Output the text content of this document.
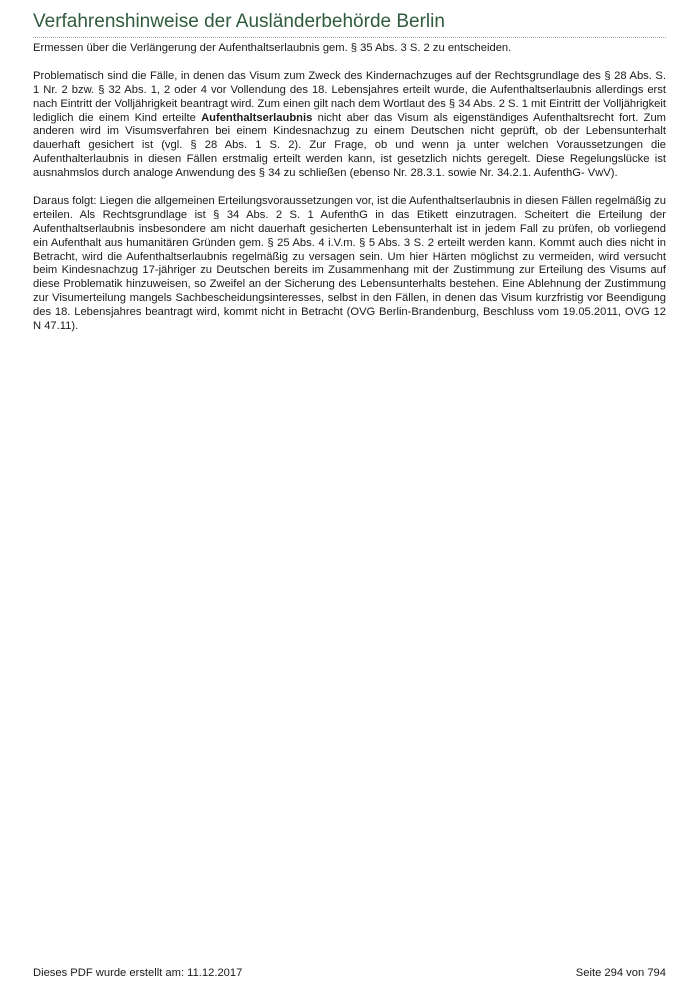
Verfahrenshinweise der Ausländerbehörde Berlin

Ermessen über die Verlängerung der Aufenthaltserlaubnis gem. § 35 Abs. 3 S. 2 zu entscheiden.

Problematisch sind die Fälle, in denen das Visum zum Zweck des Kindernachzuges auf der Rechtsgrundlage des § 28 Abs. S. 1 Nr. 2 bzw. § 32 Abs. 1, 2 oder 4 vor Vollendung des 18. Lebensjahres erteilt wurde, die Aufenthaltserlaubnis allerdings erst nach Eintritt der Volljährigkeit beantragt wird. Zum einen gilt nach dem Wortlaut des § 34 Abs. 2 S. 1 mit Eintritt der Volljährigkeit lediglich die einem Kind erteilte Aufenthaltserlaubnis nicht aber das Visum als eigenständiges Aufenthaltsrecht fort. Zum anderen wird im Visumsverfahren bei einem Kindesnachzug zu einem Deutschen nicht geprüft, ob der Lebensunterhalt dauerhaft gesichert ist (vgl. § 28 Abs. 1 S. 2). Zur Frage, ob und wenn ja unter welchen Voraussetzungen die Aufenthalterlaubnis in diesen Fällen erstmalig erteilt werden kann, ist gesetzlich nichts geregelt. Diese Regelungslücke ist ausnahmslos durch analoge Anwendung des § 34 zu schließen (ebenso Nr. 28.3.1. sowie Nr. 34.2.1. AufenthG- VwV).

Daraus folgt: Liegen die allgemeinen Erteilungsvoraussetzungen vor, ist die Aufenthaltserlaubnis in diesen Fällen regelmäßig zu erteilen. Als Rechtsgrundlage ist § 34 Abs. 2 S. 1 AufenthG in das Etikett einzutragen. Scheitert die Erteilung der Aufenthaltserlaubnis insbesondere am nicht dauerhaft gesicherten Lebensunterhalt ist in jedem Fall zu prüfen, ob vorliegend ein Aufenthalt aus humanitären Gründen gem. § 25 Abs. 4 i.V.m. § 5 Abs. 3 S. 2 erteilt werden kann. Kommt auch dies nicht in Betracht, wird die Aufenthaltserlaubnis regelmäßig zu versagen sein. Um hier Härten möglichst zu vermeiden, wird versucht beim Kindesnachzug 17-jähriger zu Deutschen bereits im Zusammenhang mit der Zustimmung zur Erteilung des Visums auf diese Problematik hinzuweisen, so Zweifel an der Sicherung des Lebensunterhalts bestehen. Eine Ablehnung der Zustimmung zur Visumerteilung mangels Sachbescheidungsinteresses, selbst in den Fällen, in denen das Visum kurzfristig vor Beendigung des 18. Lebensjahres beantragt wird, kommt nicht in Betracht (OVG Berlin-Brandenburg, Beschluss vom 19.05.2011, OVG 12 N 47.11).

Dieses PDF wurde erstellt am: 11.12.2017	Seite 294 von 794
